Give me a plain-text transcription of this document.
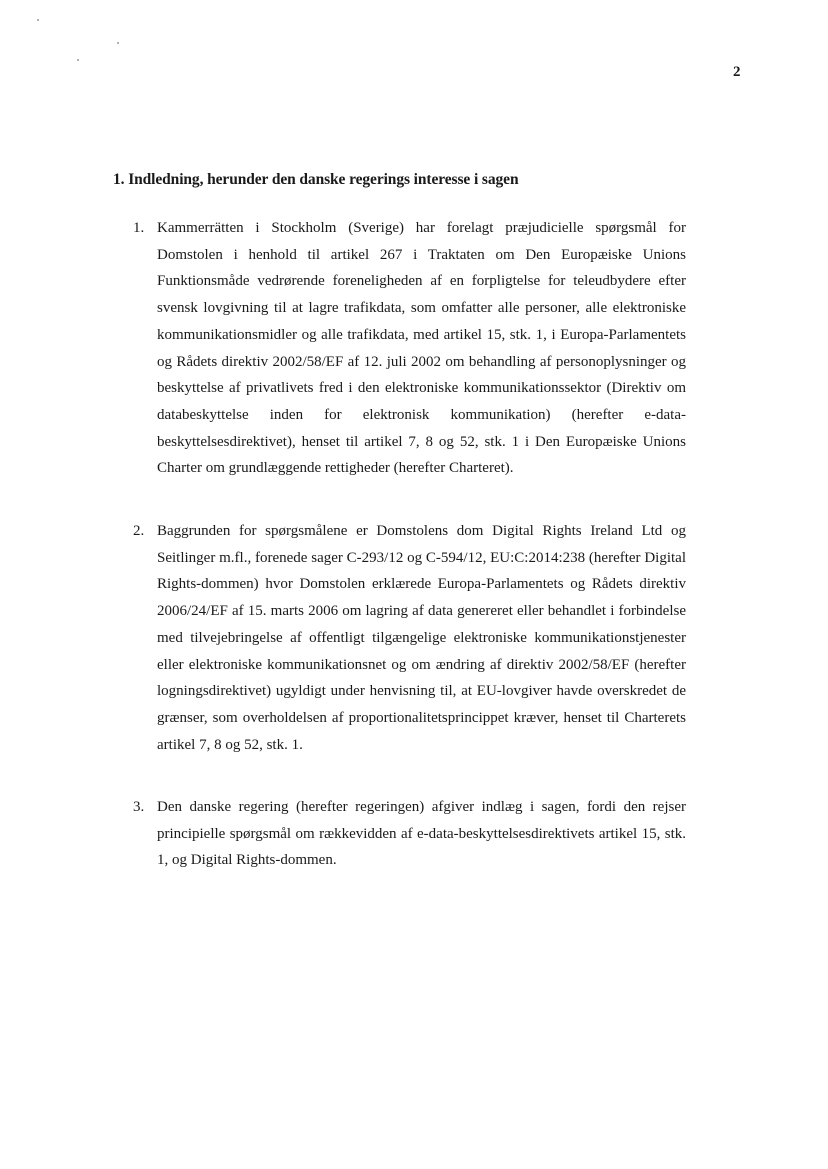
2
1. Indledning, herunder den danske regerings interesse i sagen
1. Kammerrätten i Stockholm (Sverige) har forelagt præjudicielle spørgsmål for Domstolen i henhold til artikel 267 i Traktaten om Den Europæiske Unions Funktionsmåde vedrørende foreneligheden af en forpligtelse for teleudbydere efter svensk lovgivning til at lagre trafikdata, som omfatter alle personer, alle elektroniske kommunikationsmidler og alle trafikdata, med artikel 15, stk. 1, i Europa-Parlamentets og Rådets direktiv 2002/58/EF af 12. juli 2002 om behandling af personoplysninger og beskyttelse af privatlivets fred i den elektroniske kommunikationssektor (Direktiv om databeskyttelse inden for elektronisk kommunikation) (herefter e-data-beskyttelsesdirektivet), henset til artikel 7, 8 og 52, stk. 1 i Den Europæiske Unions Charter om grundlæggende rettigheder (herefter Charteret).

2. Baggrunden for spørgsmålene er Domstolens dom Digital Rights Ireland Ltd og Seitlinger m.fl., forenede sager C-293/12 og C-594/12, EU:C:2014:238 (herefter Digital Rights-dommen) hvor Domstolen erklærede Europa-Parlamentets og Rådets direktiv 2006/24/EF af 15. marts 2006 om lagring af data genereret eller behandlet i forbindelse med tilvejebringelse af offentligt tilgængelige elektroniske kommunikationstjenester eller elektroniske kommunikationsnet og om ændring af direktiv 2002/58/EF (herefter logningsdirektivet) ugyldigt under henvisning til, at EU-lovgiver havde overskredet de grænser, som overholdelsen af proportionalitetsprincippet kræver, henset til Charterets artikel 7, 8 og 52, stk. 1.

3. Den danske regering (herefter regeringen) afgiver indlæg i sagen, fordi den rejser principielle spørgsmål om rækkevidden af e-data-beskyttelsesdirektivets artikel 15, stk. 1, og Digital Rights-dommen.
